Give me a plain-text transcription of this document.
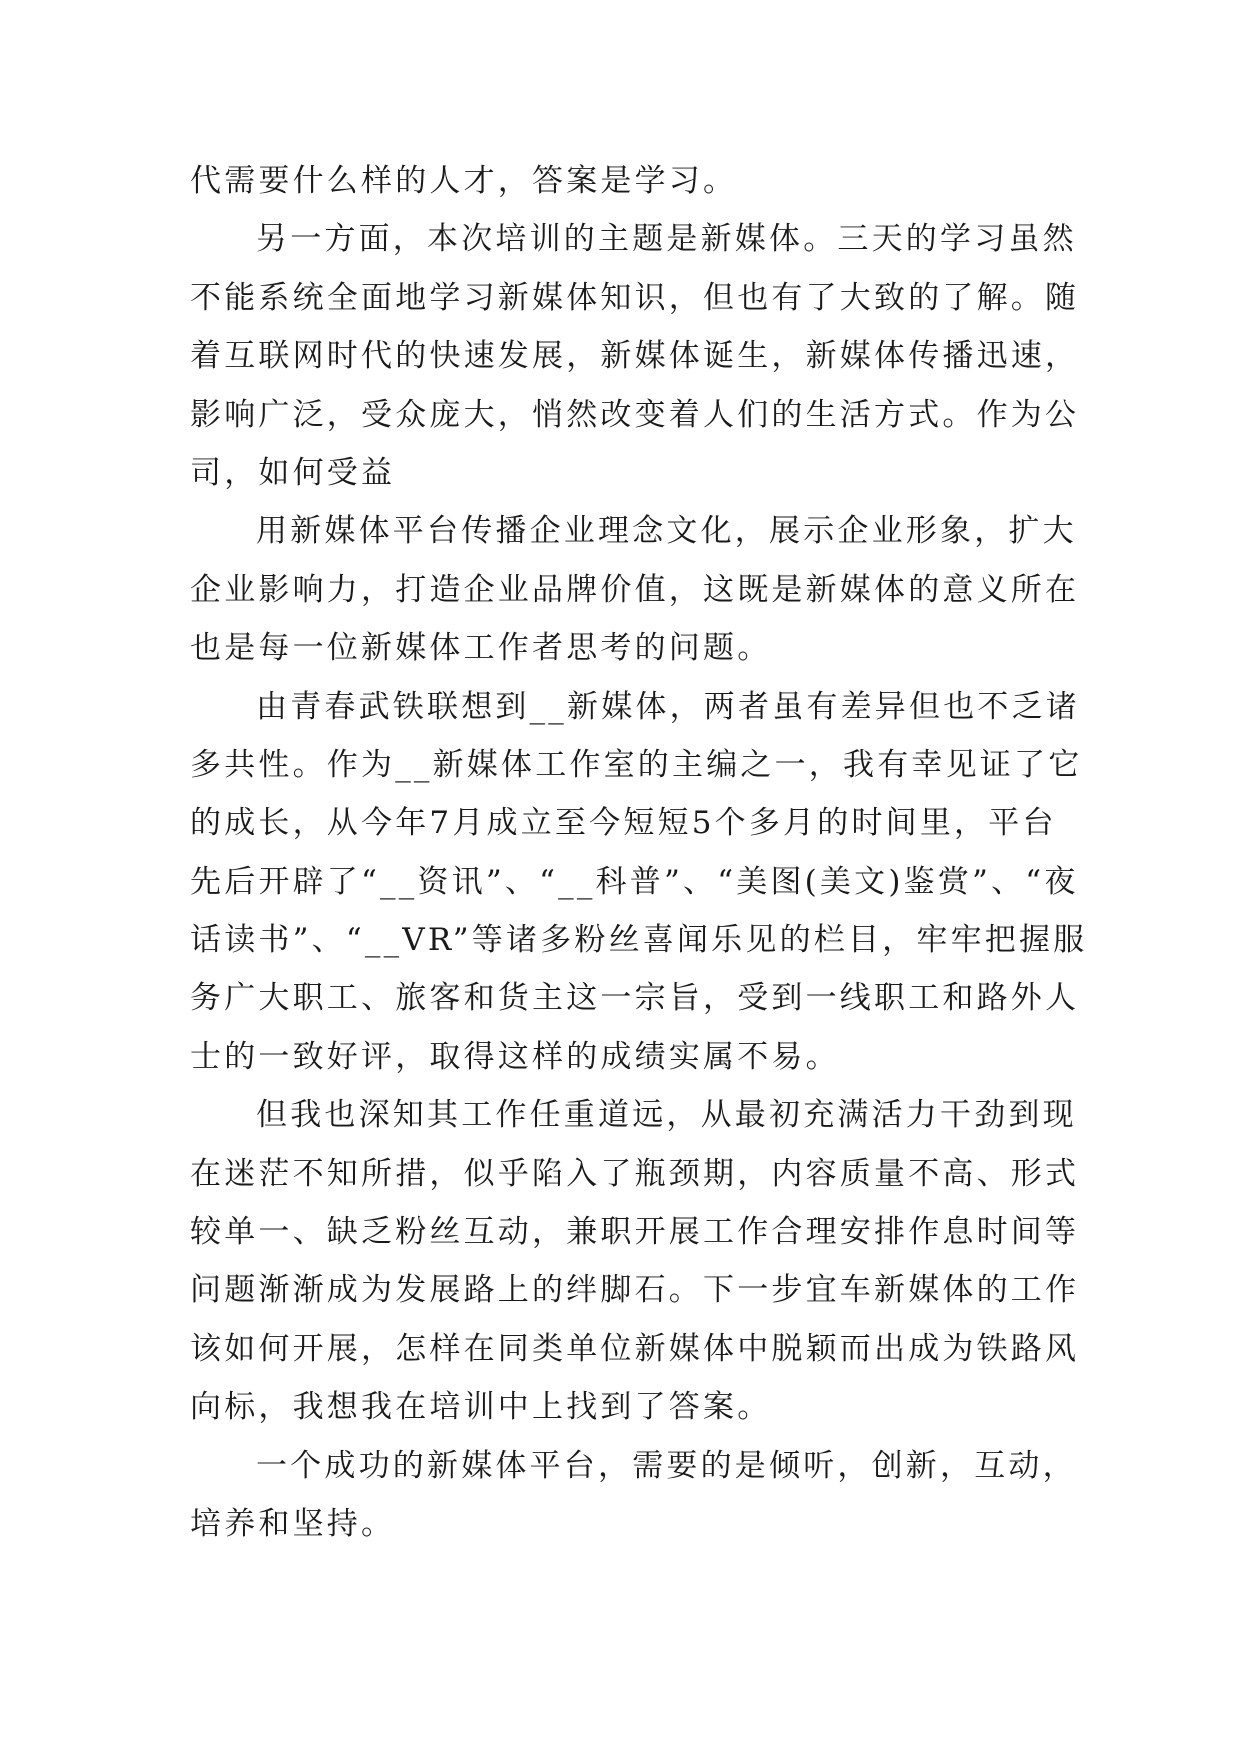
代需要什么样的人才，答案是学习。
另一方面，本次培训的主题是新媒体。三天的学习虽然
不能系统全面地学习新媒体知识，但也有了大致的了解。随
着互联网时代的快速发展，新媒体诞生，新媒体传播迅速，
影响广泛，受众庞大，悄然改变着人们的生活方式。作为公
司，如何受益
用新媒体平台传播企业理念文化，展示企业形象，扩大
企业影响力，打造企业品牌价值，这既是新媒体的意义所在
也是每一位新媒体工作者思考的问题。
由青春武铁联想到__新媒体，两者虽有差异但也不乏诸
多共性。作为__新媒体工作室的主编之一，我有幸见证了它
的成长，从今年7月成立至今短短5个多月的时间里，平台
先后开辟了“__资讯”、“__科普”、“美图(美文)鉴赏”、“夜
话读书”、“__VR”等诸多粉丝喜闻乐见的栏目，牢牢把握服
务广大职工、旅客和货主这一宗旨，受到一线职工和路外人
士的一致好评，取得这样的成绩实属不易。
但我也深知其工作任重道远，从最初充满活力干劲到现
在迷茫不知所措，似乎陷入了瓶颈期，内容质量不高、形式
较单一、缺乏粉丝互动，兼职开展工作合理安排作息时间等
问题渐渐成为发展路上的绊脚石。下一步宜车新媒体的工作
该如何开展，怎样在同类单位新媒体中脱颖而出成为铁路风
向标，我想我在培训中上找到了答案。
一个成功的新媒体平台，需要的是倾听，创新，互动，
培养和坚持。
